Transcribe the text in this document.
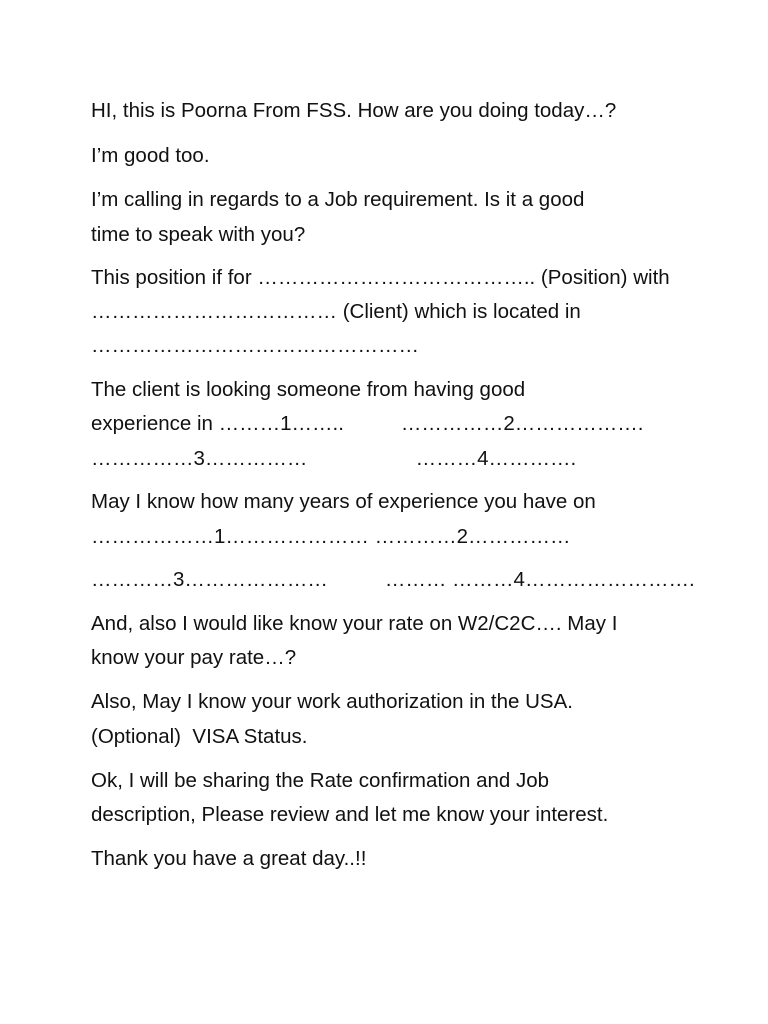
HI, this is Poorna From FSS. How are you doing today…?
I’m good too.
I’m calling in regards to a Job requirement. Is it a good
time to speak with you?
This position if for ………………………………….. (Position) with
……………………………… (Client) which is located in
…………………………………………
The client is looking someone from having good
experience in ………1……..          ……………2……………….
……………3……………                   ………4………….
May I know how many years of experience you have on
………………1………………… …………2……………
…………3…………………          ……… ………4…………………….
And, also I would like know your rate on W2/C2C…. May I
know your pay rate…?
Also, May I know your work authorization in the USA.
(Optional)  VISA Status.
Ok, I will be sharing the Rate confirmation and Job
description, Please review and let me know your interest.
Thank you have a great day..!!
